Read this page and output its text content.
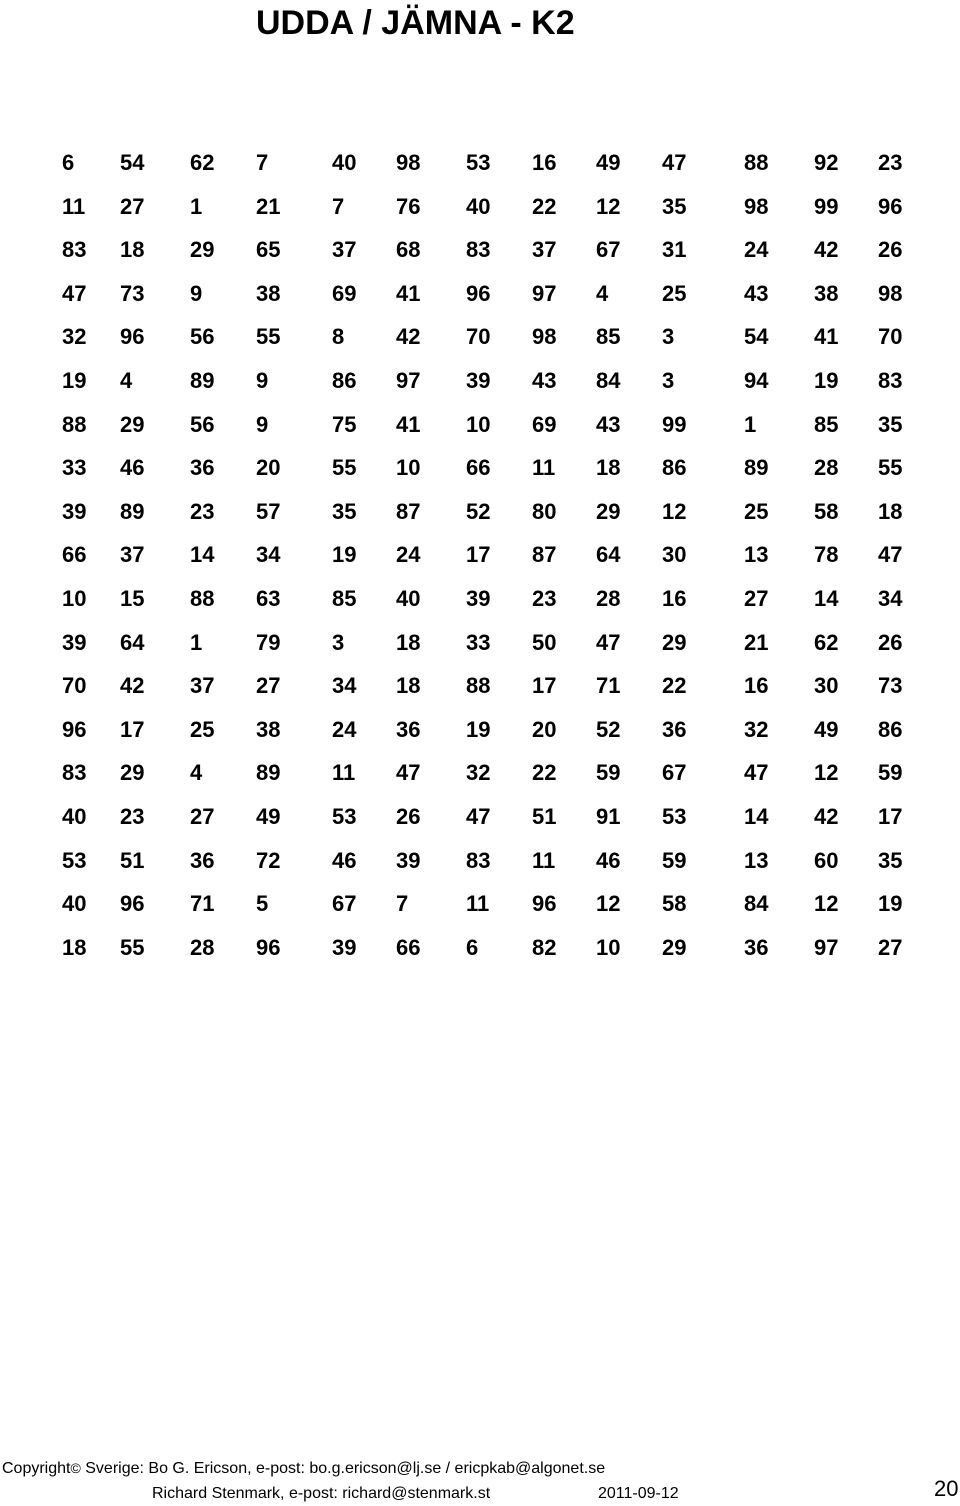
UDDA / JÄMNA - K2
6 54 62 7	40 98 53 16 49 47	88 92 23
11 27 1 21 7 76 40 22 12 35	98 99 96
83 18 29 65 37 68 83 37 67 31	24 42 26
47 73 9 38 69 41 96 97 4 25	43 38 98
32 96 56 55 8 42 70 98 85 3	54 41 70
19 4	89 9	86 97 39 43 84 3	94 19 83
88 29 56 9	75 41 10 69 43 99	1	85 35
33 46 36 20 55 10 66 11 18 86	89 28 55
39 89 23 57 35 87 52 80 29 12	25 58 18
66 37 14 34 19 24 17 87 64 30	13 78 47
10 15 88 63 85 40 39 23 28 16	27 14 34
39 64 1 79 3 18 33 50 47 29	21 62 26
70 42 37 27 34 18 88 17 71 22	16 30 73
96 17 25 38 24 36 19 20 52 36	32 49 86
83 29 4 89 11 47 32 22 59 67	47 12 59
40 23 27 49 53 26 47 51 91 53	14 42 17
53 51 36 72 46 39 83 11 46 59	13 60 35
40 96 71 5	67 7	11 96 12 58	84 12 19
18 55 28 96 39 66 6 82 10 29	36 97 27
Copyright© Sverige: Bo G. Ericson, e-post: bo.g.ericson@lj.se / ericpkab@algonet.se
Richard Stenmark, e-post: richard@stenmark.st	2011-09-12	20
